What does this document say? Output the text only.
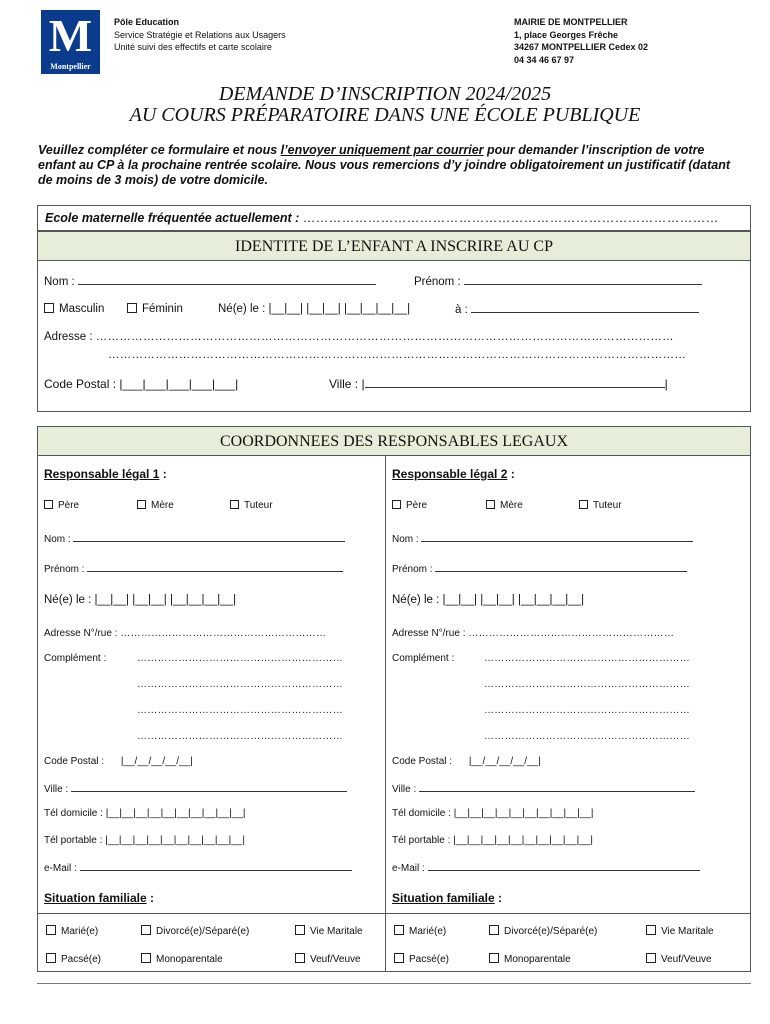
M
Montpellier
Pôle Education
Service Stratégie et Relations aux Usagers
Unité suivi des effectifs et carte scolaire
MAIRIE DE MONTPELLIER
1, place Georges Frêche
34267 MONTPELLIER Cedex 02
04 34 46 67 97
DEMANDE D’INSCRIPTION 2024/2025
AU COURS PRÉPARATOIRE DANS UNE ÉCOLE PUBLIQUE
Veuillez compléter ce formulaire et nous l’envoyer uniquement par courrier pour demander l’inscription de votre enfant au CP à la prochaine rentrée scolaire. Nous vous remercions d’y joindre obligatoirement un justificatif (datant de moins de 3 mois) de votre domicile.
Ecole maternelle fréquentée actuellement : ……………………………………………………………………………………
IDENTITE DE L’ENFANT A INSCRIRE AU CP
Nom :	Prénom :
Masculin	Féminin	Né(e) le : |__|__| |__|__| |__|__|__|__|	à :
Adresse : …………………………………………………………………………………………………………………………………
…………………………………………………………………………………………………………………………………
Code Postal : |___|___|___|___|___|	Ville : |	|
COORDONNEES DES RESPONSABLES LEGAUX
Responsable légal 1 :
Père	Mère	Tuteur
Nom :
Prénom :
Né(e) le : |__|__| |__|__| |__|__|__|__|
Adresse N°/rue : ……………………………………………………
Complément :	……………………………………………………
……………………………………………………
……………………………………………………
……………………………………………………
Code Postal : |__/__/__/__/__|
Ville :
Tél domicile : |__|__|__|__|__|__|__|__|__|__|
Tél portable : |__|__|__|__|__|__|__|__|__|__|
e-Mail :
Situation familiale :
Marié(e)	Divorcé(e)/Séparé(e)	Vie Maritale
Pacsé(e)	Monoparentale	Veuf/Veuve
Responsable légal 2 :
Père	Mère	Tuteur
Nom :
Prénom :
Né(e) le : |__|__| |__|__| |__|__|__|__|
Adresse N°/rue : ……………………………………………………
Complément :	……………………………………………………
……………………………………………………
……………………………………………………
……………………………………………………
Code Postal : |__/__/__/__/__|
Ville :
Tél domicile : |__|__|__|__|__|__|__|__|__|__|
Tél portable : |__|__|__|__|__|__|__|__|__|__|
e-Mail :
Situation familiale :
Marié(e)	Divorcé(e)/Séparé(e)	Vie Maritale
Pacsé(e)	Monoparentale	Veuf/Veuve
